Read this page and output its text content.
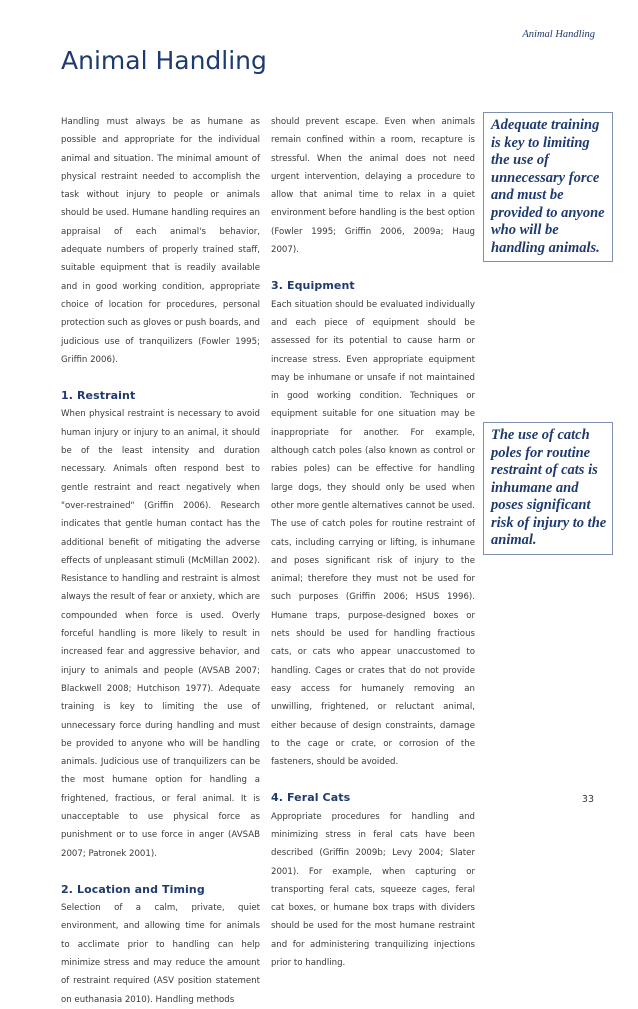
Animal Handling
Animal Handling

Handling must always be as humane as possible and appropriate for the individual animal and situation. The minimal amount of physical restraint needed to accomplish the task without injury to people or animals should be used. Humane handling requires an appraisal of each animal's behavior, adequate numbers of properly trained staff, suitable equipment that is readily available and in good working condition, appropriate choice of location for procedures, personal protection such as gloves or push boards, and judicious use of tranquilizers (Fowler 1995; Griffin 2006).

1. Restraint

When physical restraint is necessary to avoid human injury or injury to an animal, it should be of the least intensity and duration necessary. Animals often respond best to gentle restraint and react negatively when "over-restrained" (Griffin 2006). Research indicates that gentle human contact has the additional benefit of mitigating the adverse effects of unpleasant stimuli (McMillan 2002). Resistance to handling and restraint is almost always the result of fear or anxiety, which are compounded when force is used. Overly forceful handling is more likely to result in increased fear and aggressive behavior, and injury to animals and people (AVSAB 2007; Blackwell 2008; Hutchison 1977). Adequate training is key to limiting the use of unnecessary force during handling and must be provided to anyone who will be handling animals. Judicious use of tranquilizers can be the most humane option for handling a frightened, fractious, or feral animal. It is unacceptable to use physical force as punishment or to use force in anger (AVSAB 2007; Patronek 2001).

2. Location and Timing

Selection of a calm, private, quiet environment, and allowing time for animals to acclimate prior to handling can help minimize stress and may reduce the amount of restraint required (ASV position statement on euthanasia 2010). Handling methods

should prevent escape. Even when animals remain confined within a room, recapture is stressful. When the animal does not need urgent intervention, delaying a procedure to allow that animal time to relax in a quiet environment before handling is the best option (Fowler 1995; Griffin 2006, 2009a; Haug 2007).

3. Equipment

Each situation should be evaluated individually and each piece of equipment should be assessed for its potential to cause harm or increase stress. Even appropriate equipment may be inhumane or unsafe if not maintained in good working condition. Techniques or equipment suitable for one situation may be inappropriate for another. For example, although catch poles (also known as control or rabies poles) can be effective for handling large dogs, they should only be used when other more gentle alternatives cannot be used. The use of catch poles for routine restraint of cats, including carrying or lifting, is inhumane and poses significant risk of injury to the animal; therefore they must not be used for such purposes (Griffin 2006; HSUS 1996). Humane traps, purpose-designed boxes or nets should be used for handling fractious cats, or cats who appear unaccustomed to handling. Cages or crates that do not provide easy access for humanely removing an unwilling, frightened, or reluctant animal, either because of design constraints, damage to the cage or crate, or corrosion of the fasteners, should be avoided.

4. Feral Cats

Appropriate procedures for handling and minimizing stress in feral cats have been described (Griffin 2009b; Levy 2004; Slater 2001). For example, when capturing or transporting feral cats, squeeze cages, feral cat boxes, or humane box traps with dividers should be used for the most humane restraint and for administering tranquilizing injections prior to handling.

Adequate training is key to limiting the use of unnecessary force and must be provided to anyone who will be handling animals.
The use of catch poles for routine restraint of cats is inhumane and poses significant risk of injury to the animal.
33
